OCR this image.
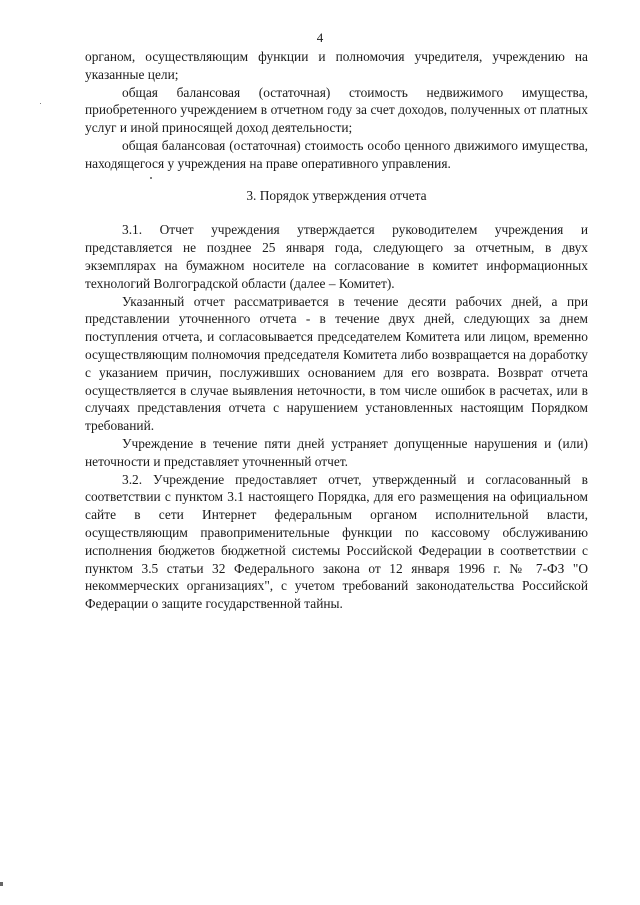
4

органом, осуществляющим функции и полномочия учредителя, учреждению на указанные цели;

общая балансовая (остаточная) стоимость недвижимого имущества, приобретенного учреждением в отчетном году за счет доходов, полученных от платных услуг и иной приносящей доход деятельности;

общая балансовая (остаточная) стоимость особо ценного движимого имущества, находящегося у учреждения на праве оперативного управления.

3. Порядок утверждения отчета

3.1. Отчет учреждения утверждается руководителем учреждения и представляется не позднее 25 января года, следующего за отчетным, в двух экземплярах на бумажном носителе на согласование в комитет информационных технологий Волгоградской области (далее – Комитет).

Указанный отчет рассматривается в течение десяти рабочих дней, а при представлении уточненного отчета - в течение двух дней, следующих за днем поступления отчета, и согласовывается председателем Комитета или лицом, временно осуществляющим полномочия председателя Комитета либо возвращается на доработку с указанием причин, послуживших основанием для его возврата. Возврат отчета осуществляется в случае выявления неточности, в том числе ошибок в расчетах, или в случаях представления отчета с нарушением установленных настоящим Порядком требований.

Учреждение в течение пяти дней устраняет допущенные нарушения и (или) неточности и представляет уточненный отчет.

3.2. Учреждение предоставляет отчет, утвержденный и согласованный в соответствии с пунктом 3.1 настоящего Порядка, для его размещения на официальном сайте в сети Интернет федеральным органом исполнительной власти, осуществляющим правоприменительные функции по кассовому обслуживанию исполнения бюджетов бюджетной системы Российской Федерации в соответствии с пунктом 3.5 статьи 32 Федерального закона от 12 января 1996 г. № 7-ФЗ "О некоммерческих организациях", с учетом требований законодательства Российской Федерации о защите государственной тайны.
